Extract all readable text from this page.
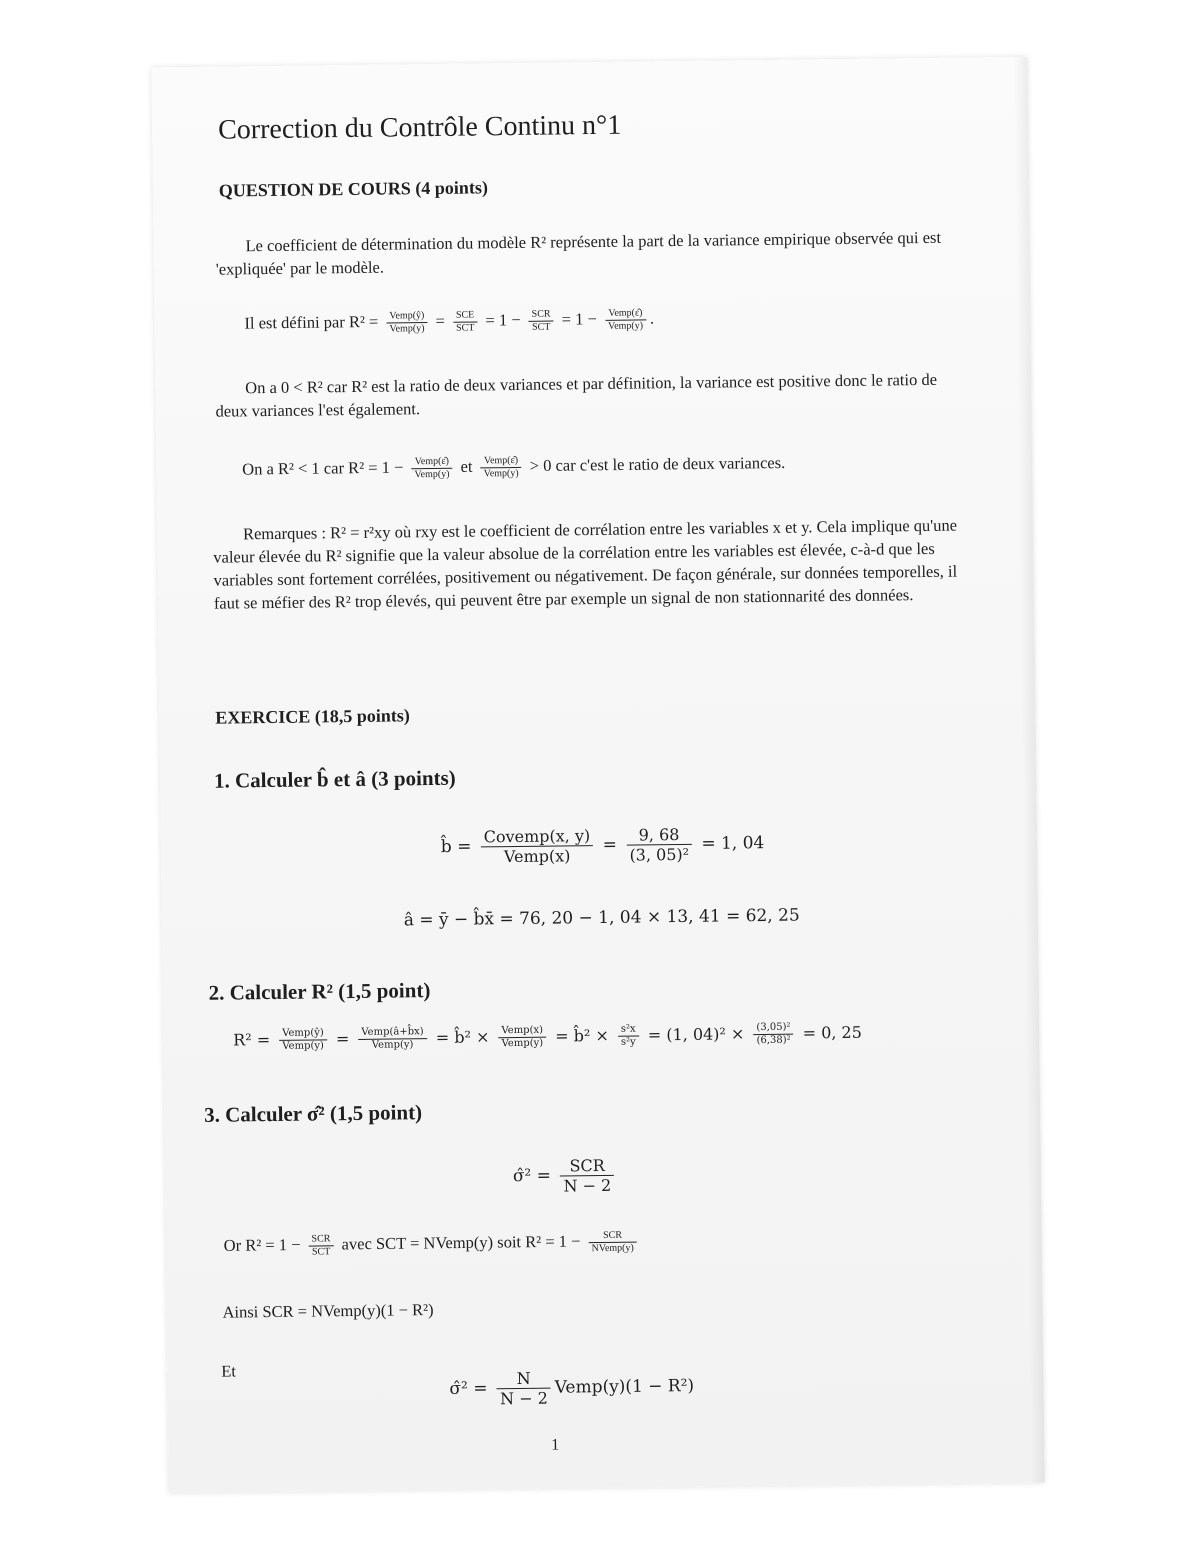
Correction du Contrôle Continu n°1
QUESTION DE COURS (4 points)
Le coefficient de détermination du modèle R² représente la part de la variance empirique observée qui est 'expliquée' par le modèle.
Il est défini par $R^2 = \frac{\text{Vemp(ŷ)}}{\text{Vemp(y)}} = \frac{\text{SCE}}{\text{SCT}} = 1 - \frac{\text{SCR}}{\text{SCT}} = 1 - \frac{\text{Vemp(ε̂)}}{\text{Vemp(y)}}$ .
On a 0 < R² car R² est la ratio de deux variances et par définition, la variance est positive donc le ratio de deux variances l'est également.
On a R² < 1 car $R^2 = 1 - \frac{\text{Vemp(ε̂)}}{\text{Vemp(y)}}$ et $\frac{\text{Vemp(ε̂)}}{\text{Vemp(y)}} > 0$ car c'est le ratio de deux variances.
Remarques : R² = r²xy où rxy est le coefficient de corrélation entre les variables x et y. Cela implique qu'une valeur élevée du R² signifie que la valeur absolue de la corrélation entre les variables est élevée, c-à-d que les variables sont fortement corrélées, positivement ou négativement. De façon générale, sur données temporelles, il faut se méfier des R² trop élevés, qui peuvent être par exemple un signal de non stationnarité des données.
EXERCICE (18,5 points)
1. Calculer b̂ et â (3 points)
b̂ = $\frac{\text{Covemp(x, y)}}{\text{Vemp(x)}} = \frac{9, 68}{\text{(3, 05)²}} = 1$, 04
â = ȳ − b̂x̄ = 76, 20 − 1, 04 × 13, 41 = 62, 25
2. Calculer R² (1,5 point)
$R^2 = \frac{\text{Vemp(ŷ)}}{\text{Vemp(y)}} = \frac{\text{Vemp(â+b̂x)}}{\text{Vemp(y)}}$ = b̂² × $\frac{\text{Vemp(x)}}{\text{Vemp(y)}}$ = b̂² × $\frac{\text{s²x}}{\text{s²y}} = (1$, $04)^2 \times \frac{\text{(3,05)²}}{\text{(6,38)²}} = 0$, 25
3. Calculer σ̂² (1,5 point)
σ̂² = $\frac{\text{SCR}}{N - 2}$
Or $R^2 = 1 - \frac{\text{SCR}}{\text{SCT}}$ avec SCT = NVemp(y) soit $R^2 = 1 - \frac{\text{SCR}}{\text{NVemp(y)}}$
Ainsi SCR = NVemp(y)(1 − R²)
Et
σ̂² = $\frac{N}{N - 2}$ Vemp(y)(1 − R²)
1
